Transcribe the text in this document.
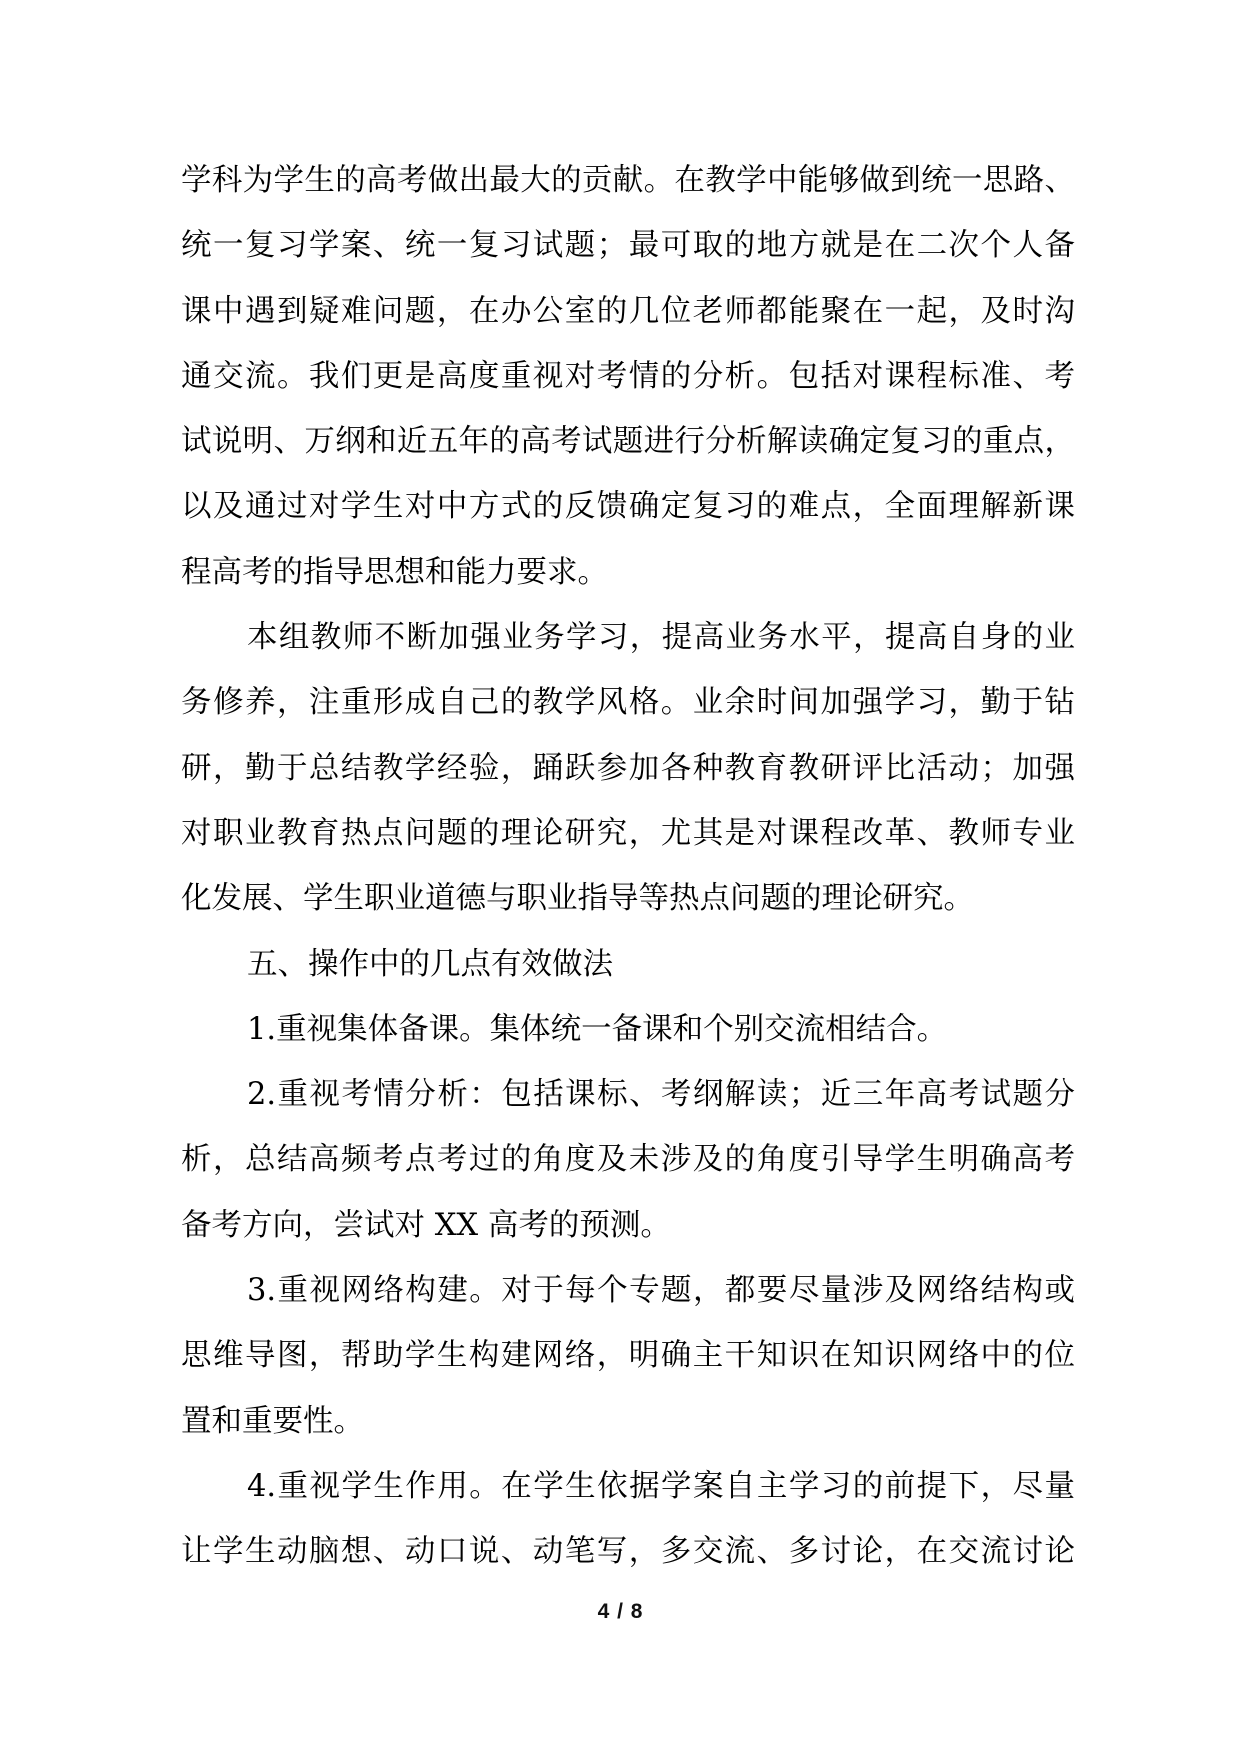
学科为学生的高考做出最大的贡献。在教学中能够做到统一思路、
统一复习学案、统一复习试题；最可取的地方就是在二次个人备
课中遇到疑难问题，在办公室的几位老师都能聚在一起，及时沟
通交流。我们更是高度重视对考情的分析。包括对课程标准、考
试说明、万纲和近五年的高考试题进行分析解读确定复习的重点，
以及通过对学生对中方式的反馈确定复习的难点，全面理解新课
程高考的指导思想和能力要求。
本组教师不断加强业务学习，提高业务水平，提高自身的业
务修养，注重形成自己的教学风格。业余时间加强学习，勤于钻
研，勤于总结教学经验，踊跃参加各种教育教研评比活动；加强
对职业教育热点问题的理论研究，尤其是对课程改革、教师专业
化发展、学生职业道德与职业指导等热点问题的理论研究。
五、操作中的几点有效做法
1.重视集体备课。集体统一备课和个别交流相结合。
2.重视考情分析：包括课标、考纲解读；近三年高考试题分
析，总结高频考点考过的角度及未涉及的角度引导学生明确高考
备考方向，尝试对 XX 高考的预测。
3.重视网络构建。对于每个专题，都要尽量涉及网络结构或
思维导图，帮助学生构建网络，明确主干知识在知识网络中的位
置和重要性。
4.重视学生作用。在学生依据学案自主学习的前提下，尽量
让学生动脑想、动口说、动笔写，多交流、多讨论，在交流讨论
4 / 8
